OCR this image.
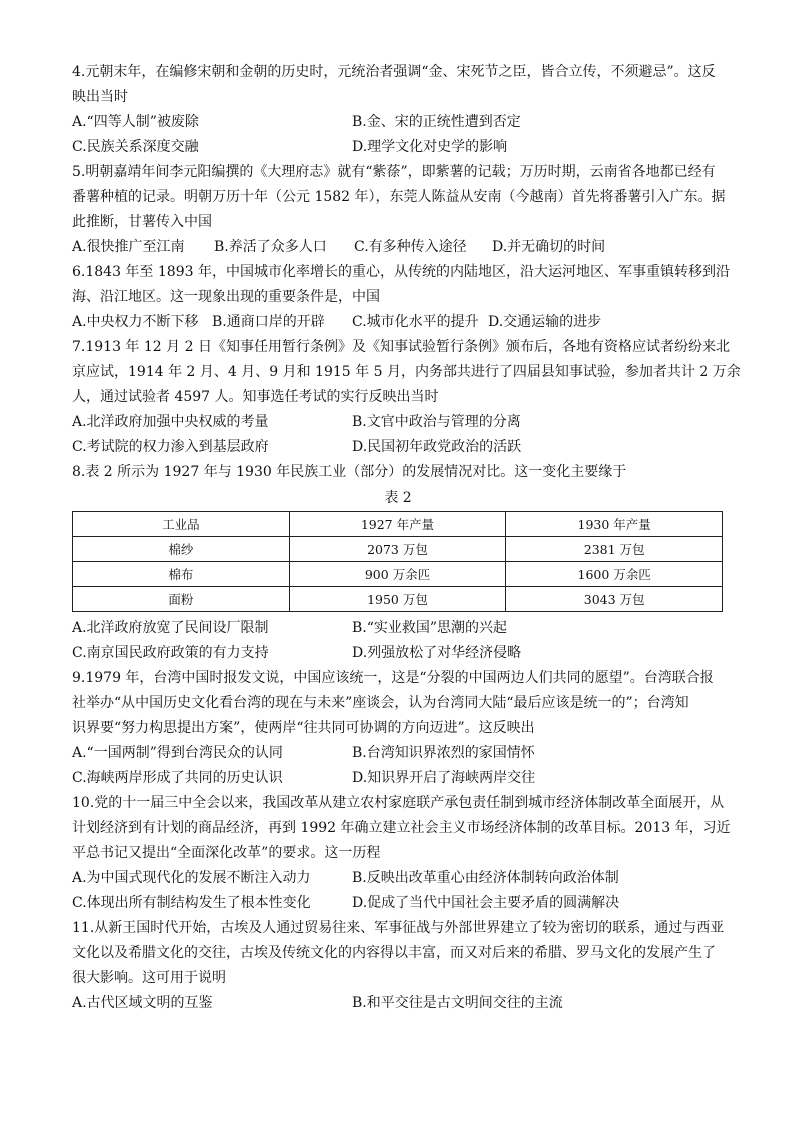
4.元朝末年，在编修宋朝和金朝的历史时，元统治者强调“金、宋死节之臣，皆合立传，不须避忌”。这反

映出当时

A.“四等人制”被废除	B.金、宋的正统性遭到否定
C.民族关系深度交融	D.理学文化对史学的影响

5.明朝嘉靖年间李元阳编撰的《大理府志》就有“紫蒣”，即紫薯的记载；万历时期，云南省各地都已经有

番薯种植的记录。明朝万历十年（公元 1582 年），东莞人陈益从安南（今越南）首先将番薯引入广东。据

此推断，甘薯传入中国

A.很快推广至江南	B.养活了众多人口	C.有多种传入途径	D.并无确切的时间

6.1843 年至 1893 年，中国城市化率增长的重心，从传统的内陆地区，沿大运河地区、军事重镇转移到沿

海、沿江地区。这一现象出现的重要条件是，中国

A.中央权力不断下移 B.通商口岸的开辟	C.城市化水平的提升 D.交通运输的进步

7.1913 年 12 月 2 日《知事任用暂行条例》及《知事试验暂行条例》颁布后，各地有资格应试者纷纷来北

京应试，1914 年 2 月、4 月、9 月和 1915 年 5 月，内务部共进行了四届县知事试验，参加者共计 2 万余

人，通过试验者 4597 人。知事选任考试的实行反映出当时

A.北洋政府加强中央权威的考量	B.文官中政治与管理的分离
C.考试院的权力渗入到基层政府	D.民国初年政党政治的活跃

8.表 2 所示为 1927 年与 1930 年民族工业（部分）的发展情况对比。这一变化主要缘于

表 2
工业品	1927 年产量	1930 年产量
棉纱	2073 万包	2381 万包
棉布	900 万余匹	1600 万余匹
面粉	1950 万包	3043 万包
A.北洋政府放宽了民间设厂限制	B.“实业救国”思潮的兴起
C.南京国民政府政策的有力支持	D.列强放松了对华经济侵略

9.1979 年，台湾中国时报发文说，中国应该统一，这是“分裂的中国两边人们共同的愿望”。台湾联合报

社举办“从中国历史文化看台湾的现在与未来”座谈会，认为台湾同大陆“最后应该是统一的”；台湾知

识界要“努力构思提出方案”，使两岸“往共同可协调的方向迈进”。这反映出

A.“一国两制”得到台湾民众的认同	B.台湾知识界浓烈的家国情怀
C.海峡两岸形成了共同的历史认识	D.知识界开启了海峡两岸交往

10.党的十一届三中全会以来，我国改革从建立农村家庭联产承包责任制到城市经济体制改革全面展开，从

计划经济到有计划的商品经济，再到 1992 年确立建立社会主义市场经济体制的改革目标。2013 年，习近

平总书记又提出“全面深化改革”的要求。这一历程

A.为中国式现代化的发展不断注入动力	B.反映出改革重心由经济体制转向政治体制
C.体现出所有制结构发生了根本性变化	D.促成了当代中国社会主要矛盾的圆满解决

11.从新王国时代开始，古埃及人通过贸易往来、军事征战与外部世界建立了较为密切的联系，通过与西亚

文化以及希腊文化的交往，古埃及传统文化的内容得以丰富，而又对后来的希腊、罗马文化的发展产生了

很大影响。这可用于说明

A.古代区域文明的互鉴	B.和平交往是古文明间交往的主流
